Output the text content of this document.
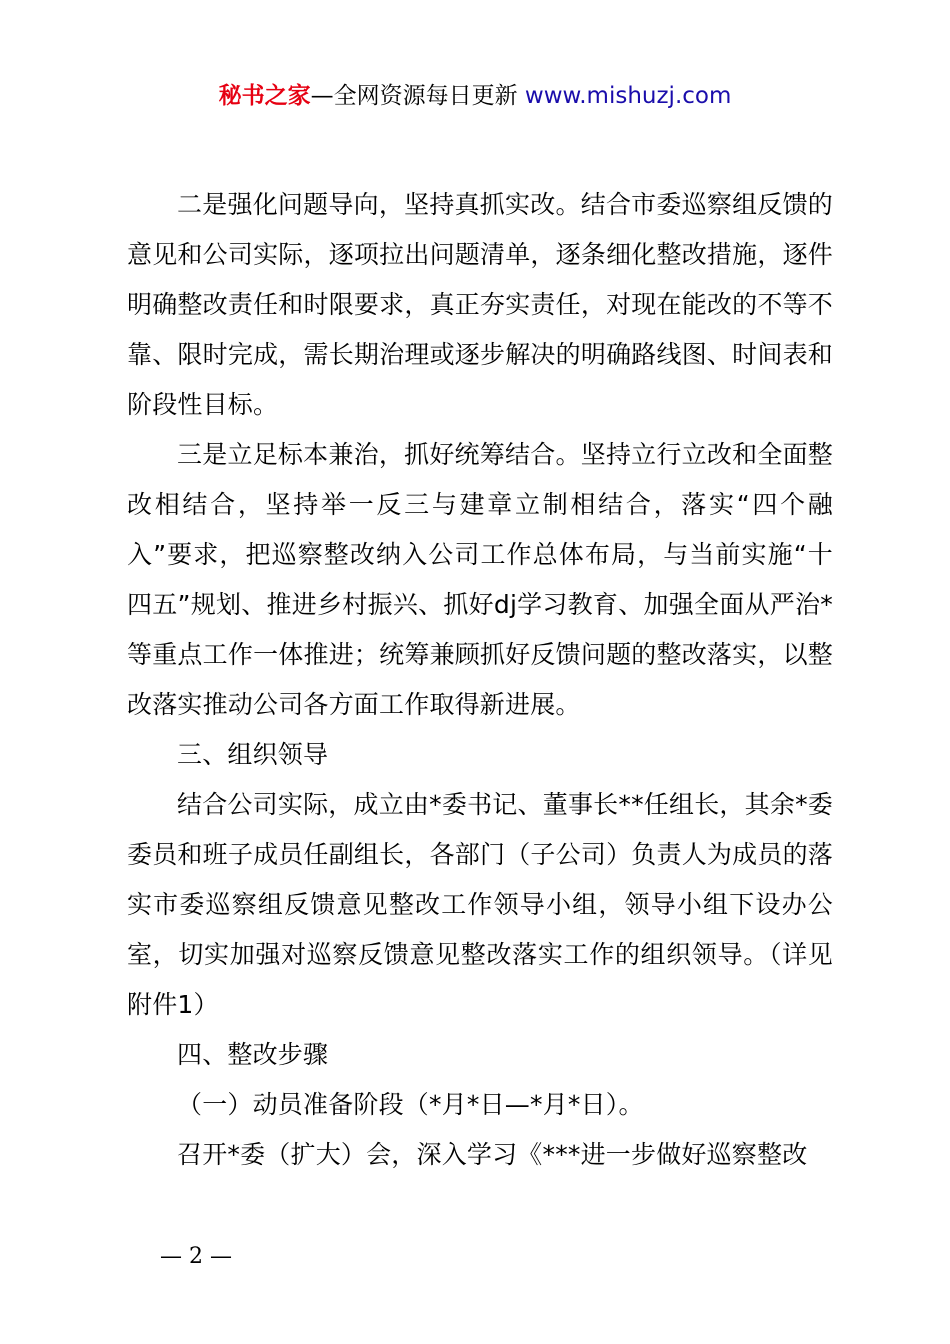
秘书之家—全网资源每日更新 www.mishuzj.com

二是强化问题导向，坚持真抓实改。结合市委巡察组反馈的意见和公司实际，逐项拉出问题清单，逐条细化整改措施，逐件明确整改责任和时限要求，真正夯实责任，对现在能改的不等不靠、限时完成，需长期治理或逐步解决的明确路线图、时间表和阶段性目标。

三是立足标本兼治，抓好统筹结合。坚持立行立改和全面整改相结合，坚持举一反三与建章立制相结合，落实“四个融入”要求，把巡察整改纳入公司工作总体布局，与当前实施“十四五”规划、推进乡村振兴、抓好dj学习教育、加强全面从严治*等重点工作一体推进；统筹兼顾抓好反馈问题的整改落实，以整改落实推动公司各方面工作取得新进展。

三、组织领导

结合公司实际，成立由*委书记、董事长**任组长，其余*委委员和班子成员任副组长，各部门（子公司）负责人为成员的落实市委巡察组反馈意见整改工作领导小组，领导小组下设办公室，切实加强对巡察反馈意见整改落实工作的组织领导。（详见附件1）

四、整改步骤

（一）动员准备阶段（*月*日—*月*日）。

召开*委（扩大）会，深入学习《***进一步做好巡察整改

— 2 —
